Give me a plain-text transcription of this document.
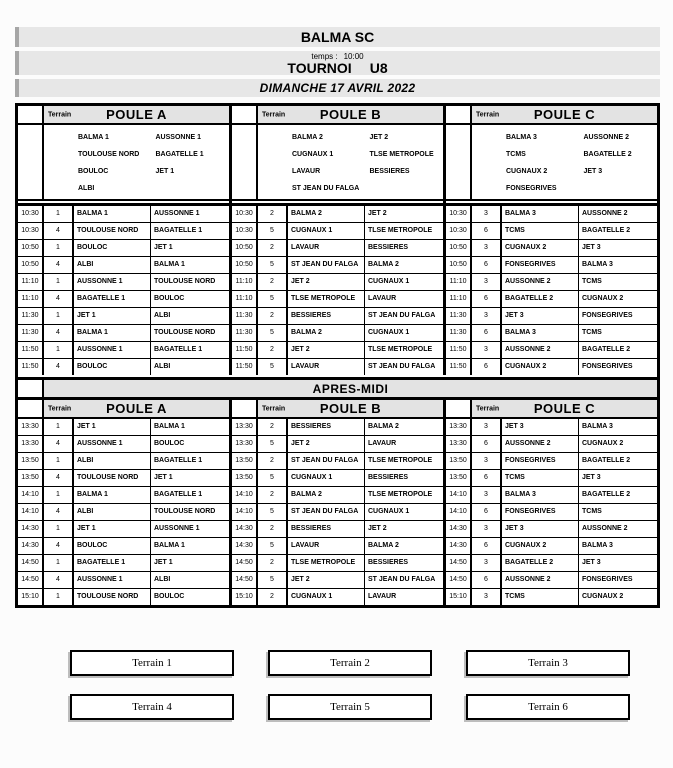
BALMA SC
temps : 10:00
TOURNOI U8
DIMANCHE 17 AVRIL 2022
Terrain	POULE A
BALMA 1	AUSSONNE 1
TOULOUSE NORD	BAGATELLE 1
BOULOC	JET 1
ALBI
10:30	1	BALMA 1	AUSSONNE 1
10:30	4	TOULOUSE NORD	BAGATELLE 1
10:50	1	BOULOC	JET 1
10:50	4	ALBI	BALMA 1
11:10	1	AUSSONNE 1	TOULOUSE NORD
11:10	4	BAGATELLE 1	BOULOC
11:30	1	JET 1	ALBI
11:30	4	BALMA 1	TOULOUSE NORD
11:50	1	AUSSONNE 1	BAGATELLE 1
11:50	4	BOULOC	ALBI
Terrain	POULE B
BALMA 2	JET 2
CUGNAUX 1	TLSE METROPOLE
LAVAUR	BESSIERES
ST JEAN DU FALGA
10:30	2	BALMA 2	JET 2
10:30	5	CUGNAUX 1	TLSE METROPOLE
10:50	2	LAVAUR	BESSIERES
10:50	5	ST JEAN DU FALGA	BALMA 2
11:10	2	JET 2	CUGNAUX 1
11:10	5	TLSE METROPOLE	LAVAUR
11:30	2	BESSIERES	ST JEAN DU FALGA
11:30	5	BALMA 2	CUGNAUX 1
11:50	2	JET 2	TLSE METROPOLE
11:50	5	LAVAUR	ST JEAN DU FALGA
Terrain	POULE C
BALMA 3	AUSSONNE 2
TCMS	BAGATELLE 2
CUGNAUX 2	JET 3
FONSEGRIVES
10:30	3	BALMA 3	AUSSONNE 2
10:30	6	TCMS	BAGATELLE 2
10:50	3	CUGNAUX 2	JET 3
10:50	6	FONSEGRIVES	BALMA 3
11:10	3	AUSSONNE 2	TCMS
11:10	6	BAGATELLE 2	CUGNAUX 2
11:30	3	JET 3	FONSEGRIVES
11:30	6	BALMA 3	TCMS
11:50	3	AUSSONNE 2	BAGATELLE 2
11:50	6	CUGNAUX 2	FONSEGRIVES
APRES-MIDI
Terrain	POULE A
13:30	1	JET 1	BALMA 1
13:30	4	AUSSONNE 1	BOULOC
13:50	1	ALBI	BAGATELLE 1
13:50	4	TOULOUSE NORD	JET 1
14:10	1	BALMA 1	BAGATELLE 1
14:10	4	ALBI	TOULOUSE NORD
14:30	1	JET 1	AUSSONNE 1
14:30	4	BOULOC	BALMA 1
14:50	1	BAGATELLE 1	JET 1
14:50	4	AUSSONNE 1	ALBI
15:10	1	TOULOUSE NORD	BOULOC
Terrain	POULE B
13:30	2	BESSIERES	BALMA 2
13:30	5	JET 2	LAVAUR
13:50	2	ST JEAN DU FALGA	TLSE METROPOLE
13:50	5	CUGNAUX 1	BESSIERES
14:10	2	BALMA 2	TLSE METROPOLE
14:10	5	ST JEAN DU FALGA	CUGNAUX 1
14:30	2	BESSIERES	JET 2
14:30	5	LAVAUR	BALMA 2
14:50	2	TLSE METROPOLE	BESSIERES
14:50	5	JET 2	ST JEAN DU FALGA
15:10	2	CUGNAUX 1	LAVAUR
Terrain	POULE C
13:30	3	JET 3	BALMA 3
13:30	6	AUSSONNE 2	CUGNAUX 2
13:50	3	FONSEGRIVES	BAGATELLE 2
13:50	6	TCMS	JET 3
14:10	3	BALMA 3	BAGATELLE 2
14:10	6	FONSEGRIVES	TCMS
14:30	3	JET 3	AUSSONNE 2
14:30	6	CUGNAUX 2	BALMA 3
14:50	3	BAGATELLE 2	JET 3
14:50	6	AUSSONNE 2	FONSEGRIVES
15:10	3	TCMS	CUGNAUX 2
Terrain 1	Terrain 2	Terrain 3
Terrain 4	Terrain 5	Terrain 6
